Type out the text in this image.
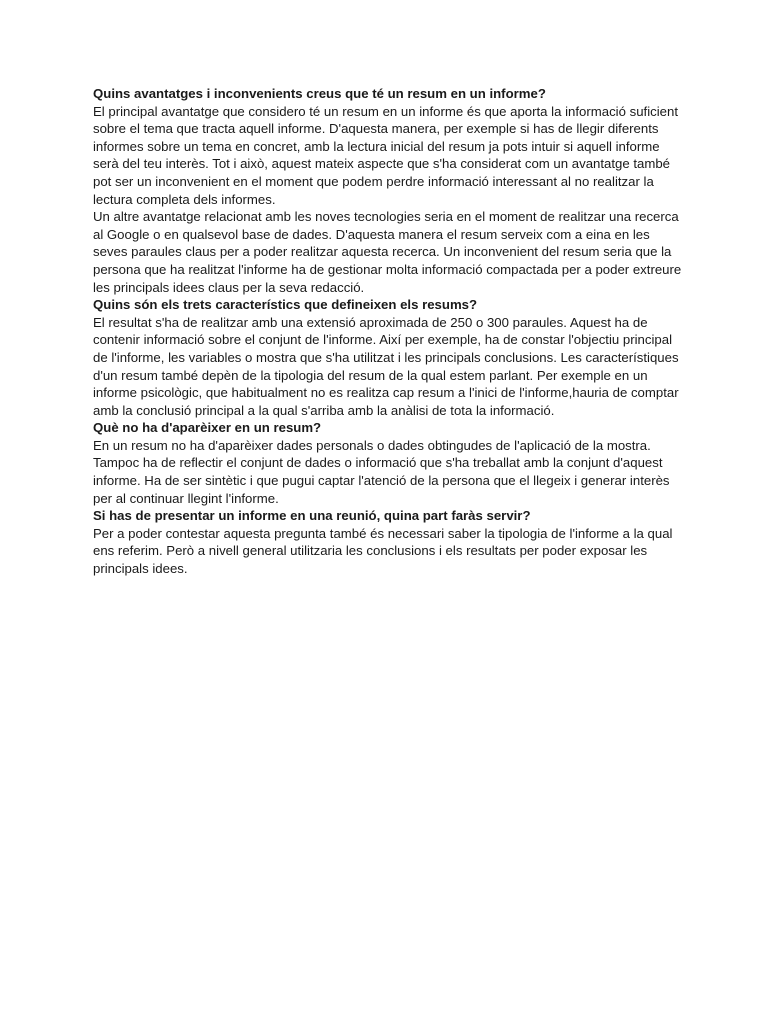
Quins avantatges i inconvenients creus que té un resum en un informe?

El principal avantatge que considero té un resum en un informe és que aporta la informació suficient sobre el tema que tracta aquell informe. D'aquesta manera, per exemple si has de llegir diferents informes sobre un tema en concret, amb la lectura inicial del resum ja pots intuir si aquell informe serà del teu interès. Tot i això, aquest mateix aspecte que s'ha considerat com un avantatge també pot ser un inconvenient en el moment que podem perdre informació interessant al no realitzar la lectura completa dels informes.

Un altre avantatge relacionat amb les noves tecnologies seria en el moment de realitzar una recerca al Google o en qualsevol base de dades. D'aquesta manera el resum serveix com a eina en les seves paraules claus per a poder realitzar aquesta recerca. Un inconvenient del resum seria que la persona que ha realitzat l'informe ha de gestionar molta informació compactada per a poder extreure les principals idees claus per la seva redacció.

Quins són els trets característics que defineixen els resums?

El resultat s'ha de realitzar amb una extensió aproximada de 250 o 300 paraules. Aquest ha de contenir informació sobre el conjunt de l'informe. Així per exemple, ha de constar l'objectiu principal de l'informe, les variables o mostra que s'ha utilitzat i les principals conclusions. Les característiques d'un resum també depèn de la tipologia del resum de la qual estem parlant. Per exemple en un informe psicològic, que habitualment no es realitza cap resum a l'inici de l'informe,hauria de comptar amb la conclusió principal a la qual s'arriba amb la anàlisi de tota la informació.

Què no ha d'aparèixer en un resum?

En un resum no ha d'aparèixer dades personals o dades obtingudes de l'aplicació de la mostra. Tampoc ha de reflectir el conjunt de dades o informació que s'ha treballat amb la conjunt d'aquest informe. Ha de ser sintètic i que pugui captar l'atenció de la persona que el llegeix i generar interès per al continuar llegint l'informe.

Si has de presentar un informe en una reunió, quina part faràs servir?

Per a poder contestar aquesta pregunta també és necessari saber la tipologia de l'informe a la qual ens referim. Però a nivell general utilitzaria les conclusions i els resultats per poder exposar les principals idees.
